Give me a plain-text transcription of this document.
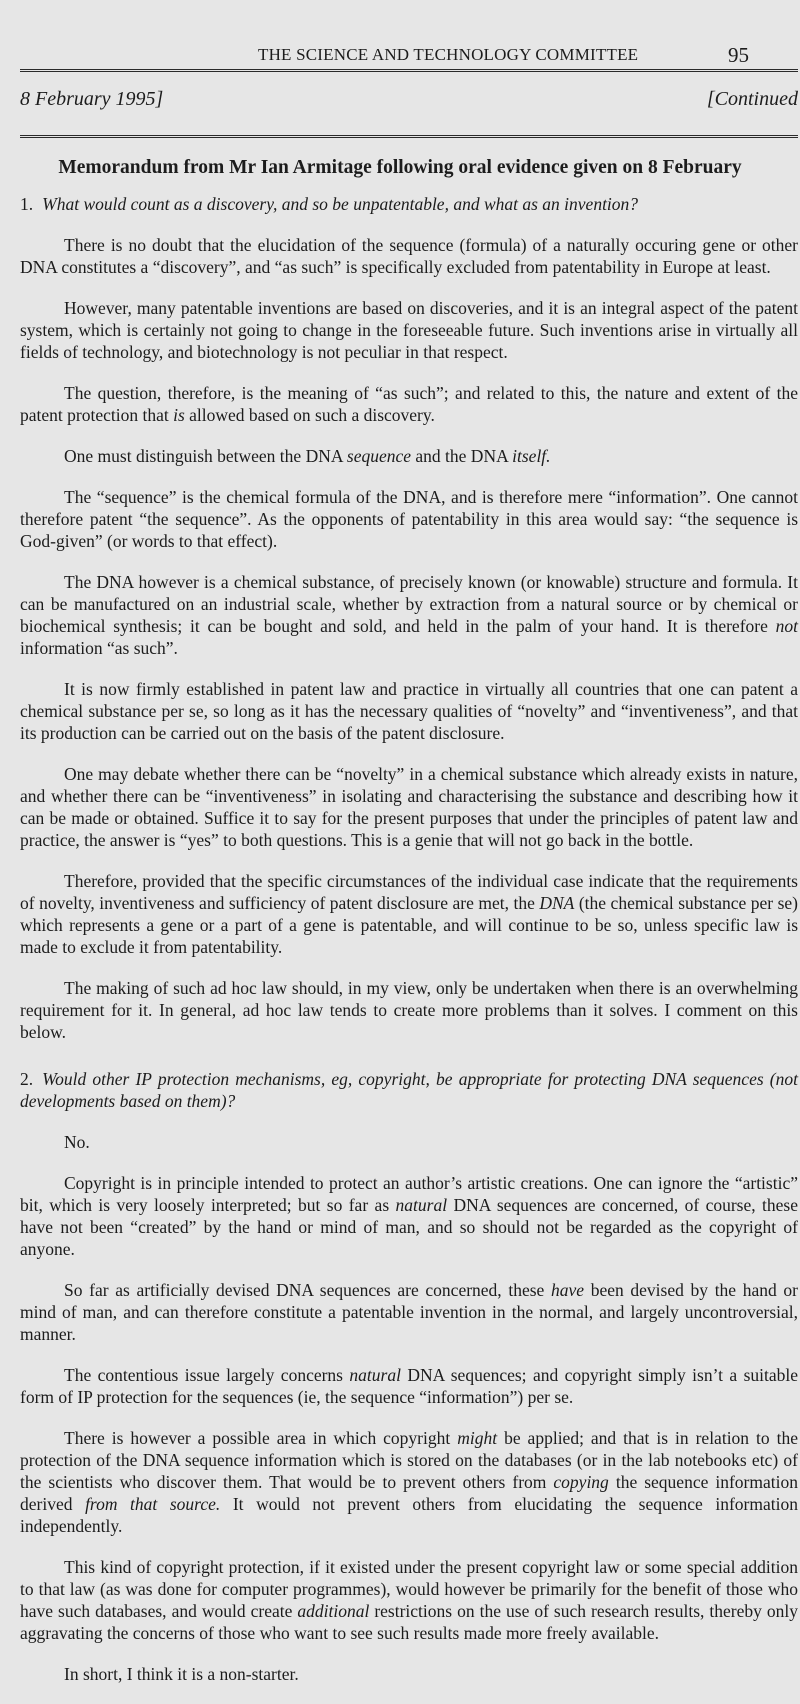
THE SCIENCE AND TECHNOLOGY COMMITTEE	95
8 February 1995]	[Continued
Memorandum from Mr Ian Armitage following oral evidence given on 8 February

1. What would count as a discovery, and so be unpatentable, and what as an invention?

There is no doubt that the elucidation of the sequence (formula) of a naturally occuring gene or other DNA constitutes a “discovery”, and “as such” is specifically excluded from patentability in Europe at least.

However, many patentable inventions are based on discoveries, and it is an integral aspect of the patent system, which is certainly not going to change in the foreseeable future. Such inventions arise in virtually all fields of technology, and biotechnology is not peculiar in that respect.

The question, therefore, is the meaning of “as such”; and related to this, the nature and extent of the patent protection that is allowed based on such a discovery.

One must distinguish between the DNA sequence and the DNA itself.

The “sequence” is the chemical formula of the DNA, and is therefore mere “information”. One cannot therefore patent “the sequence”. As the opponents of patentability in this area would say: “the sequence is God-given” (or words to that effect).

The DNA however is a chemical substance, of precisely known (or knowable) structure and formula. It can be manufactured on an industrial scale, whether by extraction from a natural source or by chemical or biochemical synthesis; it can be bought and sold, and held in the palm of your hand. It is therefore not information “as such”.

It is now firmly established in patent law and practice in virtually all countries that one can patent a chemical substance per se, so long as it has the necessary qualities of “novelty” and “inventiveness”, and that its production can be carried out on the basis of the patent disclosure.

One may debate whether there can be “novelty” in a chemical substance which already exists in nature, and whether there can be “inventiveness” in isolating and characterising the substance and describing how it can be made or obtained. Suffice it to say for the present purposes that under the principles of patent law and practice, the answer is “yes” to both questions. This is a genie that will not go back in the bottle.

Therefore, provided that the specific circumstances of the individual case indicate that the requirements of novelty, inventiveness and sufficiency of patent disclosure are met, the DNA (the chemical substance per se) which represents a gene or a part of a gene is patentable, and will continue to be so, unless specific law is made to exclude it from patentability.

The making of such ad hoc law should, in my view, only be undertaken when there is an overwhelming requirement for it. In general, ad hoc law tends to create more problems than it solves. I comment on this below.

2. Would other IP protection mechanisms, eg, copyright, be appropriate for protecting DNA sequences (not developments based on them)?

No.

Copyright is in principle intended to protect an author’s artistic creations. One can ignore the “artistic” bit, which is very loosely interpreted; but so far as natural DNA sequences are concerned, of course, these have not been “created” by the hand or mind of man, and so should not be regarded as the copyright of anyone.

So far as artificially devised DNA sequences are concerned, these have been devised by the hand or mind of man, and can therefore constitute a patentable invention in the normal, and largely uncontroversial, manner.

The contentious issue largely concerns natural DNA sequences; and copyright simply isn’t a suitable form of IP protection for the sequences (ie, the sequence “information”) per se.

There is however a possible area in which copyright might be applied; and that is in relation to the protection of the DNA sequence information which is stored on the databases (or in the lab notebooks etc) of the scientists who discover them. That would be to prevent others from copying the sequence information derived from that source. It would not prevent others from elucidating the sequence information independently.

This kind of copyright protection, if it existed under the present copyright law or some special addition to that law (as was done for computer programmes), would however be primarily for the benefit of those who have such databases, and would create additional restrictions on the use of such research results, thereby only aggravating the concerns of those who want to see such results made more freely available.

In short, I think it is a non-starter.
